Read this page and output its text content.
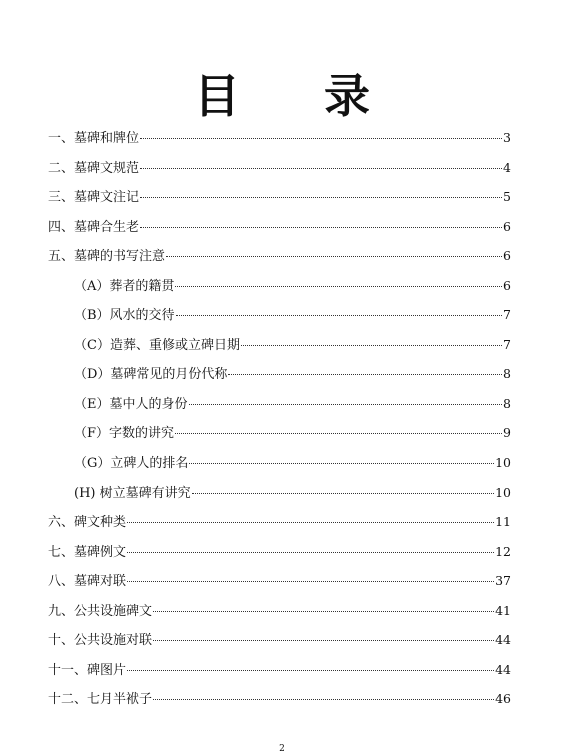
目 录
一、墓碑和牌位	3
二、墓碑文规范	4
三、墓碑文注记	5
四、墓碑合生老	6
五、墓碑的书写注意	6
（A）葬者的籍贯	6
（B）风水的交待	7
（C）造葬、重修或立碑日期	7
（D）墓碑常见的月份代称	8
（E）墓中人的身份	8
（F）字数的讲究	9
（G）立碑人的排名	10
(H) 树立墓碑有讲究	10
六、碑文种类	11
七、墓碑例文	12
八、墓碑对联	37
九、公共设施碑文	41
十、公共设施对联	44
十一、碑图片	44
十二、七月半袱子	46
2
